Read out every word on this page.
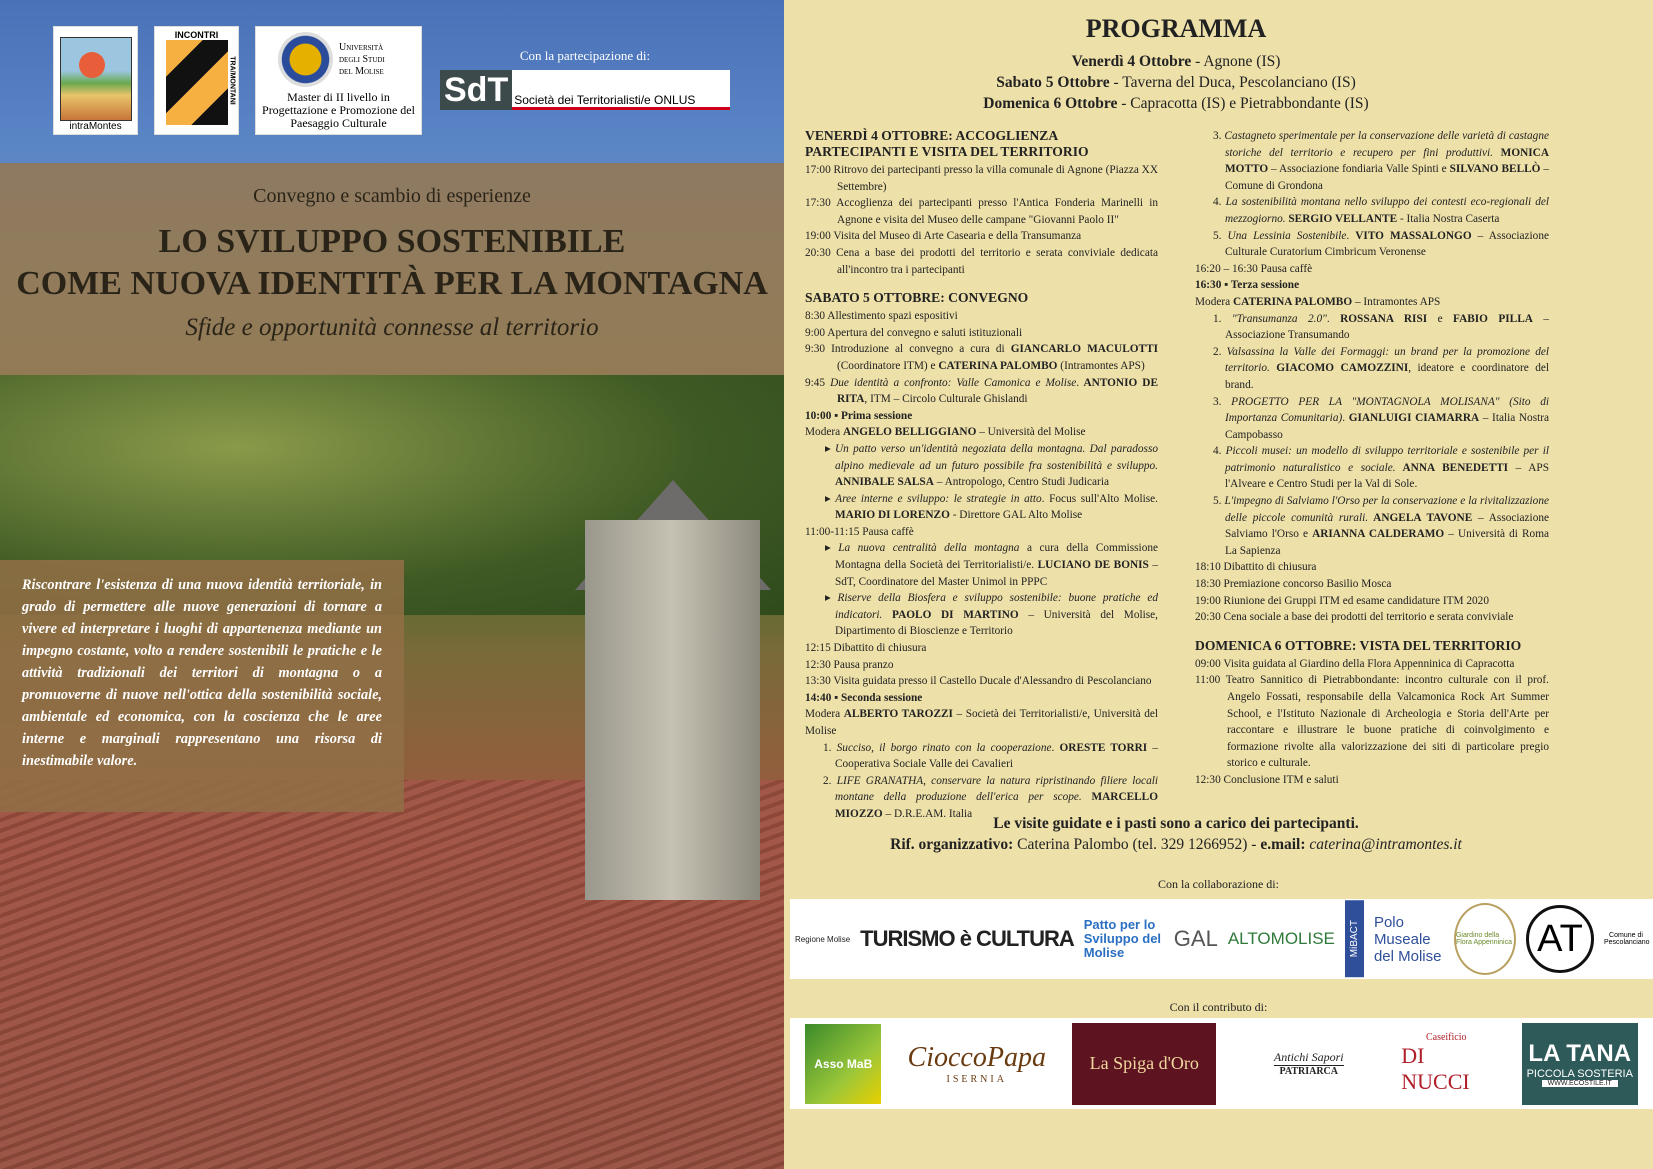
intraMontes
INCONTRI
TRA/MONTANI
Università degli Studi del Molise
Master di II livello in Progettazione e Promozione del Paesaggio Culturale
Con la partecipazione di:
SdT Società dei Territorialisti/e ONLUS
Convegno e scambio di esperienze
LO SVILUPPO SOSTENIBILE
COME NUOVA IDENTITÀ PER LA MONTAGNA
Sfide e opportunità connesse al territorio
Riscontrare l'esistenza di una nuova identità territoriale, in grado di permettere alle nuove generazioni di tornare a vivere ed interpretare i luoghi di appartenenza mediante un impegno costante, volto a rendere sostenibili le pratiche e le attività tradizionali dei territori di montagna o a promuoverne di nuove nell'ottica della sostenibilità sociale, ambientale ed economica, con la coscienza che le aree interne e marginali rappresentano una risorsa di inestimabile valore.
PROGRAMMA
Venerdì 4 Ottobre - Agnone (IS)
Sabato 5 Ottobre - Taverna del Duca, Pescolanciano (IS)
Domenica 6 Ottobre - Capracotta (IS) e Pietrabbondante (IS)
VENERDÌ 4 OTTOBRE: ACCOGLIENZA PARTECIPANTI E VISITA DEL TERRITORIO
17:00 Ritrovo dei partecipanti presso la villa comunale di Agnone (Piazza XX Settembre)
17:30 Accoglienza dei partecipanti presso l'Antica Fonderia Marinelli in Agnone e visita del Museo delle campane "Giovanni Paolo II"
19:00 Visita del Museo di Arte Casearia e della Transumanza
20:30 Cena a base dei prodotti del territorio e serata conviviale dedicata all'incontro tra i partecipanti
SABATO 5 OTTOBRE: CONVEGNO
8:30 Allestimento spazi espositivi
9:00 Apertura del convegno e saluti istituzionali
9:30 Introduzione al convegno a cura di GIANCARLO MACULOTTI (Coordinatore ITM) e CATERINA PALOMBO (Intramontes APS)
9:45 Due identità a confronto: Valle Camonica e Molise. ANTONIO DE RITA, ITM – Circolo Culturale Ghislandi
10:00 ▪ Prima sessione
Modera ANGELO BELLIGGIANO – Università del Molise
▸ Un patto verso un'identità negoziata della montagna. Dal paradosso alpino medievale ad un futuro possibile fra sostenibilità e sviluppo. ANNIBALE SALSA – Antropologo, Centro Studi Judicaria
▸ Aree interne e sviluppo: le strategie in atto. Focus sull'Alto Molise. MARIO DI LORENZO - Direttore GAL Alto Molise
11:00-11:15 Pausa caffè
▸ La nuova centralità della montagna a cura della Commissione Montagna della Società dei Territorialisti/e. LUCIANO DE BONIS – SdT, Coordinatore del Master Unimol in PPPC
▸ Riserve della Biosfera e sviluppo sostenibile: buone pratiche ed indicatori. PAOLO DI MARTINO – Università del Molise, Dipartimento di Bioscienze e Territorio
12:15 Dibattito di chiusura
12:30 Pausa pranzo
13:30 Visita guidata presso il Castello Ducale d'Alessandro di Pescolanciano
14:40 ▪ Seconda sessione
Modera ALBERTO TAROZZI – Società dei Territorialisti/e, Università del Molise
1. Succiso, il borgo rinato con la cooperazione. ORESTE TORRI – Cooperativa Sociale Valle dei Cavalieri
2. LIFE GRANATHA, conservare la natura ripristinando filiere locali montane della produzione dell'erica per scope. MARCELLO MIOZZO – D.R.E.AM. Italia
3. Castagneto sperimentale per la conservazione delle varietà di castagne storiche del territorio e recupero per fini produttivi. MONICA MOTTO – Associazione fondiaria Valle Spinti e SILVANO BELLÒ – Comune di Grondona
4. La sostenibilità montana nello sviluppo dei contesti eco-regionali del mezzogiorno. SERGIO VELLANTE - Italia Nostra Caserta
5. Una Lessinia Sostenibile. VITO MASSALONGO – Associazione Culturale Curatorium Cimbricum Veronense
16:20 – 16:30 Pausa caffè
16:30 ▪ Terza sessione
Modera CATERINA PALOMBO – Intramontes APS
1. "Transumanza 2.0". ROSSANA RISI e FABIO PILLA – Associazione Transumando
2. Valsassina la Valle dei Formaggi: un brand per la promozione del territorio. GIACOMO CAMOZZINI, ideatore e coordinatore del brand.
3. PROGETTO PER LA "MONTAGNOLA MOLISANA" (Sito di Importanza Comunitaria). GIANLUIGI CIAMARRA – Italia Nostra Campobasso
4. Piccoli musei: un modello di sviluppo territoriale e sostenibile per il patrimonio naturalistico e sociale. ANNA BENEDETTI – APS l'Alveare e Centro Studi per la Val di Sole.
5. L'impegno di Salviamo l'Orso per la conservazione e la rivitalizzazione delle piccole comunità rurali. ANGELA TAVONE – Associazione Salviamo l'Orso e ARIANNA CALDERAMO – Università di Roma La Sapienza
18:10 Dibattito di chiusura
18:30 Premiazione concorso Basilio Mosca
19:00 Riunione dei Gruppi ITM ed esame candidature ITM 2020
20:30 Cena sociale a base dei prodotti del territorio e serata conviviale
DOMENICA 6 OTTOBRE: VISTA DEL TERRITORIO
09:00 Visita guidata al Giardino della Flora Appenninica di Capracotta
11:00 Teatro Sannitico di Pietrabbondante: incontro culturale con il prof. Angelo Fossati, responsabile della Valcamonica Rock Art Summer School, e l'Istituto Nazionale di Archeologia e Storia dell'Arte per raccontare e illustrare le buone pratiche di coinvolgimento e formazione rivolte alla valorizzazione dei siti di particolare pregio storico e culturale.
12:30 Conclusione ITM e saluti
Le visite guidate e i pasti sono a carico dei partecipanti.
Rif. organizzativo: Caterina Palombo (tel. 329 1266952) - e.mail: caterina@intramontes.it
Con la collaborazione di:
Regione Molise TURISMO è CULTURA
Patto per lo Sviluppo del Molise
GAL ALTOMOLISE	MiBACT Polo Museale del Molise
Giardino della Flora Appenninica AT	Comune di Pescolanciano
Con il contributo di:
Asso MaB CioccoPapa
ISERNIA
La Spiga d'Oro	Antichi Sapori
PATRIARCA
Caseificio
DI NUCCI
LA TANA
PICCOLA SOSTERIA
WWW.ECOSTILE.IT
